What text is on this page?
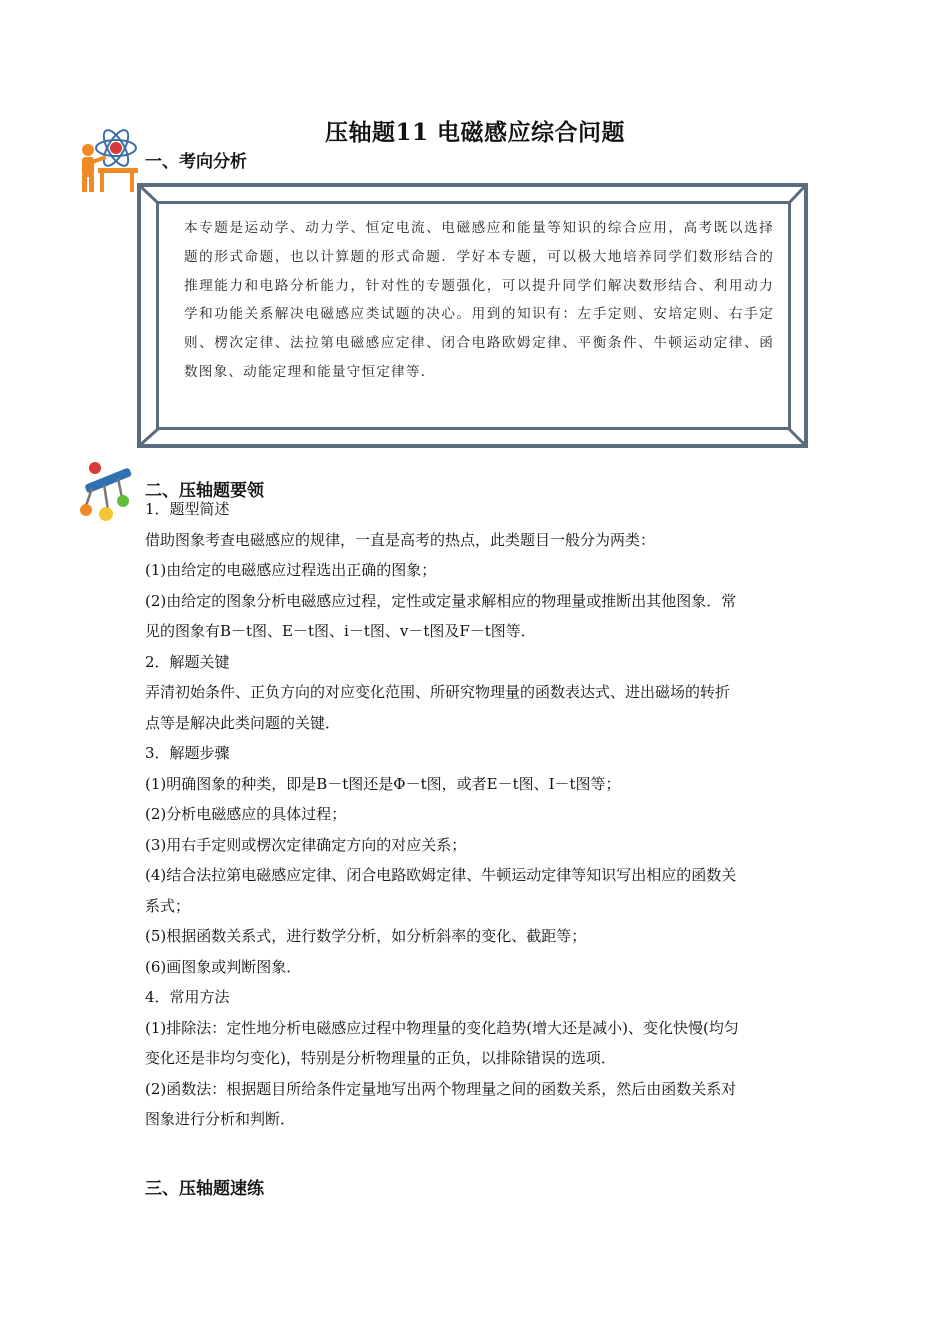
压轴题11 电磁感应综合问题
一、考向分析
本专题是运动学、动力学、恒定电流、电磁感应和能量等知识的综合应用，高考既以选择题的形式命题，也以计算题的形式命题．学好本专题，可以极大地培养同学们数形结合的推理能力和电路分析能力，针对性的专题强化，可以提升同学们解决数形结合、利用动力学和功能关系解决电磁感应类试题的决心。用到的知识有：左手定则、安培定则、右手定则、楞次定律、法拉第电磁感应定律、闭合电路欧姆定律、平衡条件、牛顿运动定律、函数图象、动能定理和能量守恒定律等．
二、压轴题要领
1．题型简述
借助图象考查电磁感应的规律，一直是高考的热点，此类题目一般分为两类：
(1)由给定的电磁感应过程选出正确的图象；
(2)由给定的图象分析电磁感应过程，定性或定量求解相应的物理量或推断出其他图象．常
见的图象有B－t图、E－t图、i－t图、v－t图及F－t图等．
2．解题关键
弄清初始条件、正负方向的对应变化范围、所研究物理量的函数表达式、进出磁场的转折
点等是解决此类问题的关键．
3．解题步骤
(1)明确图象的种类，即是B－t图还是Φ－t图，或者E－t图、I－t图等；
(2)分析电磁感应的具体过程；
(3)用右手定则或楞次定律确定方向的对应关系；
(4)结合法拉第电磁感应定律、闭合电路欧姆定律、牛顿运动定律等知识写出相应的函数关
系式；
(5)根据函数关系式，进行数学分析，如分析斜率的变化、截距等；
(6)画图象或判断图象．
4．常用方法
(1)排除法：定性地分析电磁感应过程中物理量的变化趋势(增大还是减小)、变化快慢(均匀
变化还是非均匀变化)，特别是分析物理量的正负，以排除错误的选项．
(2)函数法：根据题目所给条件定量地写出两个物理量之间的函数关系，然后由函数关系对
图象进行分析和判断．
三、压轴题速练
